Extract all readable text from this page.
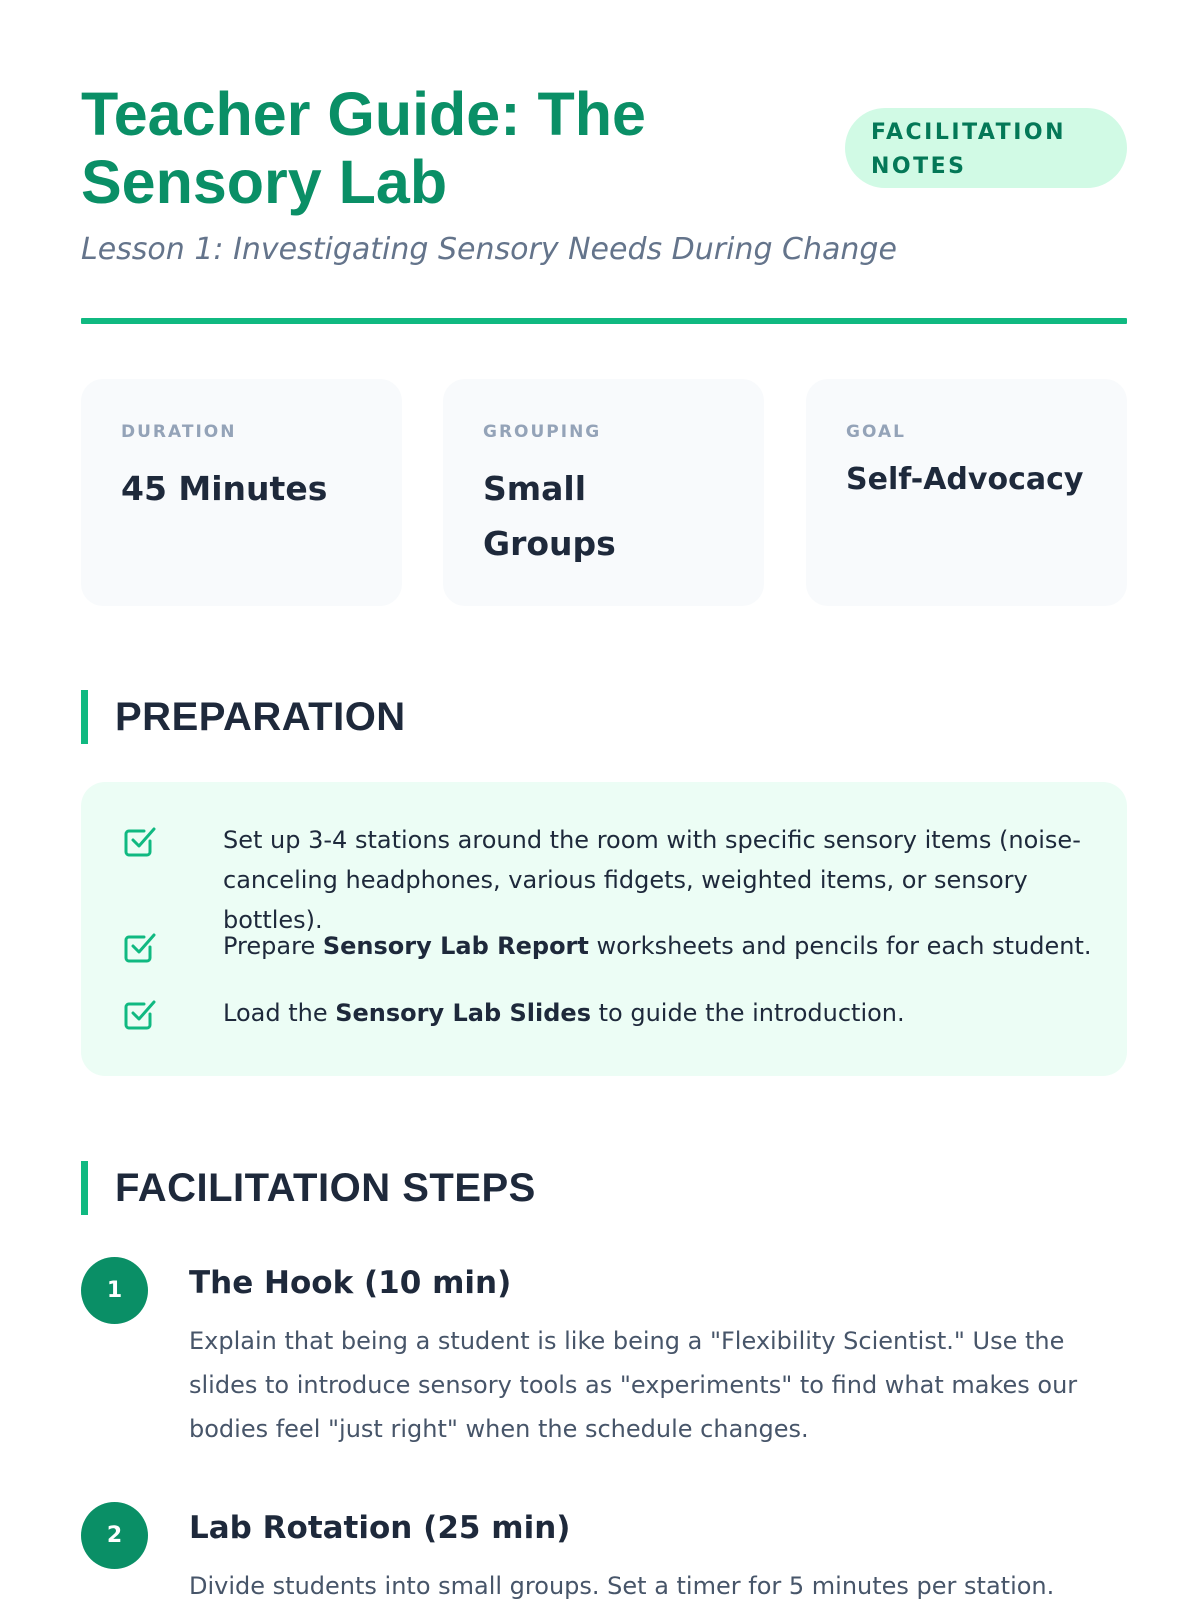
Teacher Guide: The
Sensory Lab
FACILITATION
NOTES
Lesson 1: Investigating Sensory Needs During Change
DURATION
45 Minutes
GROUPING
Small
Groups
GOAL
Self-Advocacy
PREPARATION
Set up 3-4 stations around the room with specific sensory items (noise-
canceling headphones, various fidgets, weighted items, or sensory bottles).
Prepare Sensory Lab Report worksheets and pencils for each student.
Load the Sensory Lab Slides to guide the introduction.
FACILITATION STEPS
1	The Hook (10 min)
Explain that being a student is like being a "Flexibility Scientist." Use the slides to introduce sensory tools as "experiments" to find what makes our bodies feel "just right" when the schedule changes.
2	Lab Rotation (25 min)
Divide students into small groups. Set a timer for 5 minutes per station.
